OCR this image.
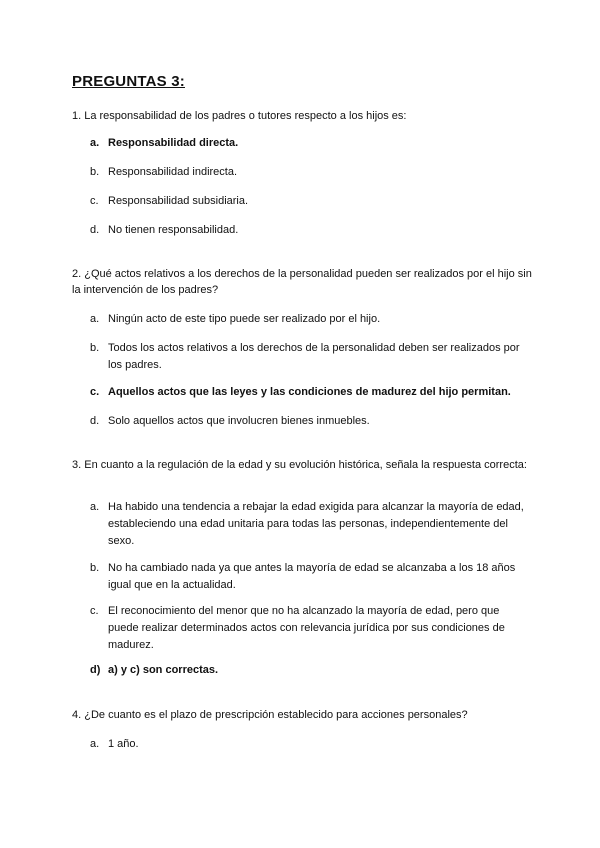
PREGUNTAS 3:
1. La responsabilidad de los padres o tutores respecto a los hijos es:
a. Responsabilidad directa.
b. Responsabilidad indirecta.
c. Responsabilidad subsidiaria.
d. No tienen responsabilidad.
2. ¿Qué actos relativos a los derechos de la personalidad pueden ser realizados por el hijo sin la intervención de los padres?
a. Ningún acto de este tipo puede ser realizado por el hijo.
b. Todos los actos relativos a los derechos de la personalidad deben ser realizados por los padres.
c. Aquellos actos que las leyes y las condiciones de madurez del hijo permitan.
d. Solo aquellos actos que involucren bienes inmuebles.
3. En cuanto a la regulación de la edad y su evolución histórica, señala la respuesta correcta:
a. Ha habido una tendencia a rebajar la edad exigida para alcanzar la mayoría de edad, estableciendo una edad unitaria para todas las personas, independientemente del sexo.
b. No ha cambiado nada ya que antes la mayoría de edad se alcanzaba a los 18 años igual que en la actualidad.
c. El reconocimiento del menor que no ha alcanzado la mayoría de edad, pero que puede realizar determinados actos con relevancia jurídica por sus condiciones de madurez.
d) a) y c) son correctas.
4. ¿De cuanto es el plazo de prescripción establecido para acciones personales?
a. 1 año.
